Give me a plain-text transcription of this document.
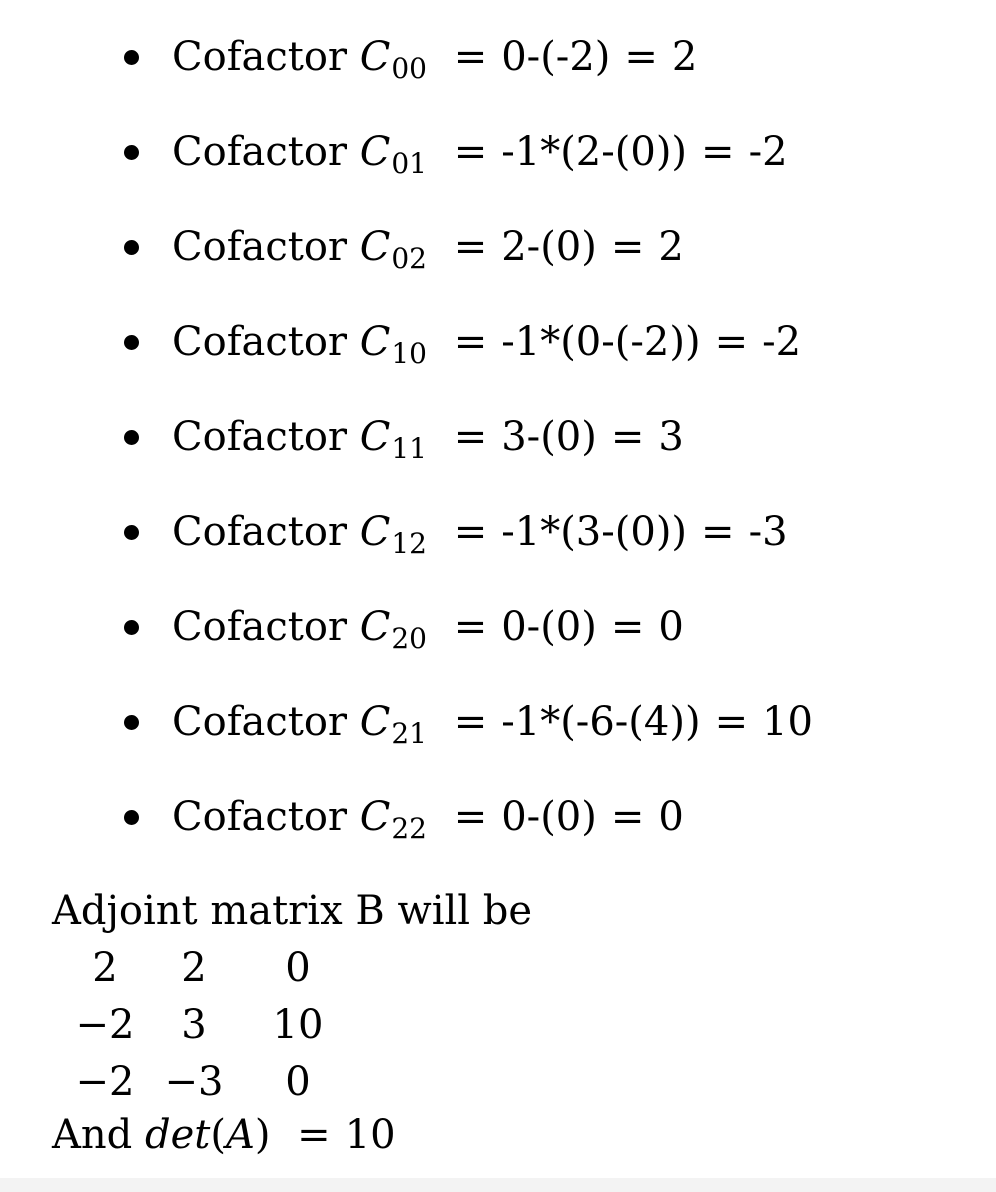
Cofactor $C_{00} = 0-(-2) = 2$
Cofactor $C_{01} = -1*(2-(0)) = -2$
Cofactor $C_{02} = 2-(0) = 2$
Cofactor $C_{10} = -1*(0-(-2)) = -2$
Cofactor $C_{11} = 3-(0) = 3$
Cofactor $C_{12} = -1*(3-(0)) = -3$
Cofactor $C_{20} = 0-(0) = 0$
Cofactor $C_{21} = -1*(-6-(4)) = 10$
Cofactor $C_{22} = 0-(0) = 0$
Adjoint matrix B will be
2	2	0
−2	3	10
−2	−3	0
And det(A) = 10
